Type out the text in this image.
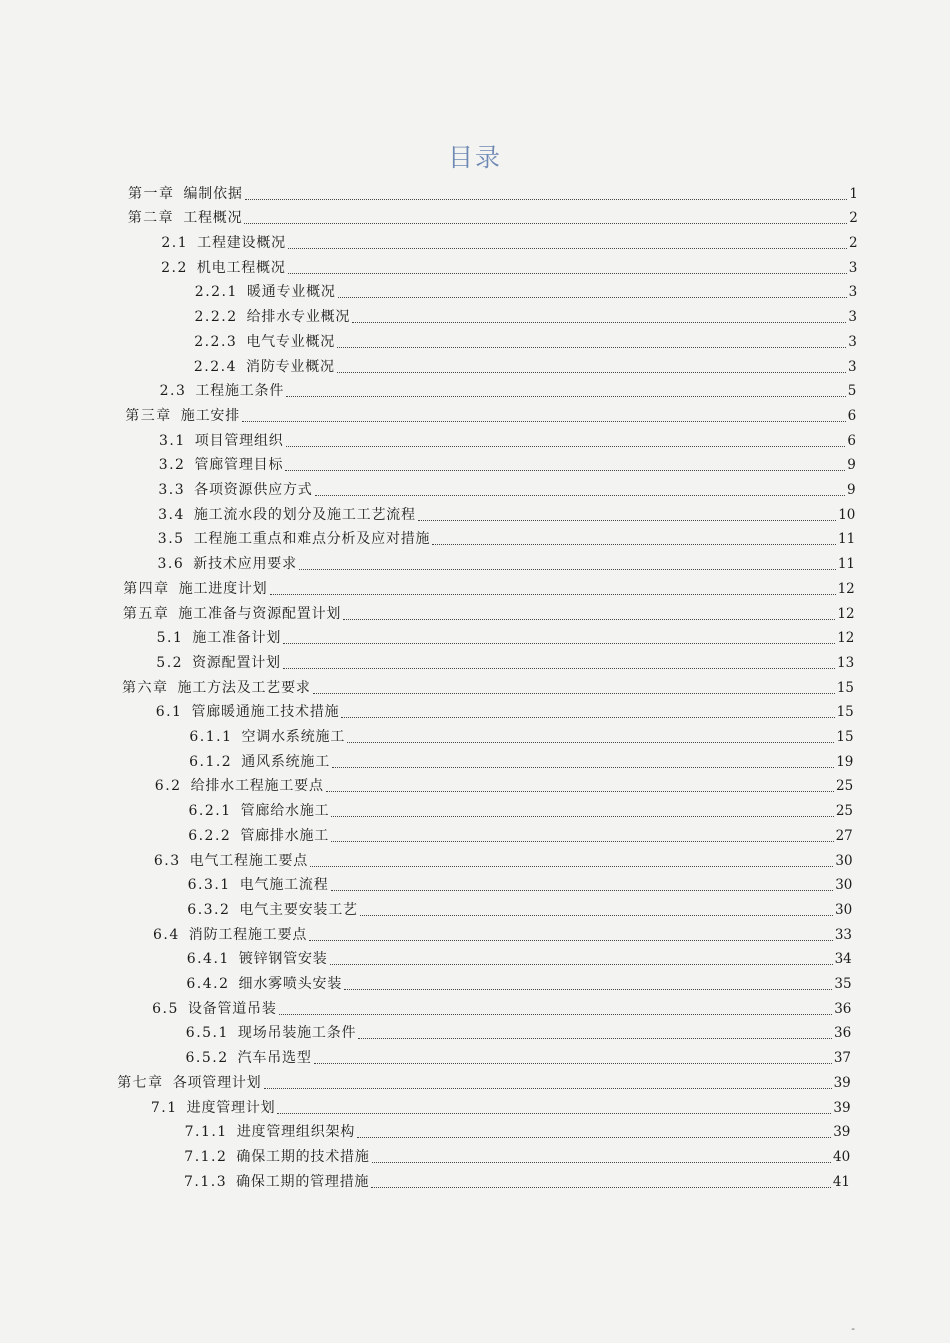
目录
第一章 编制依据	1
第二章 工程概况	2
2.1 工程建设概况	2
2.2 机电工程概况	3
2.2.1 暖通专业概况	3
2.2.2 给排水专业概况	3
2.2.3 电气专业概况	3
2.2.4 消防专业概况	3
2.3 工程施工条件	5
第三章 施工安排	6
3.1 项目管理组织	6
3.2 管廊管理目标	9
3.3 各项资源供应方式	9
3.4 施工流水段的划分及施工工艺流程	10
3.5 工程施工重点和难点分析及应对措施	11
3.6 新技术应用要求	11
第四章 施工进度计划	12
第五章 施工准备与资源配置计划	12
5.1 施工准备计划	12
5.2 资源配置计划	13
第六章 施工方法及工艺要求	15
6.1 管廊暖通施工技术措施	15
6.1.1 空调水系统施工	15
6.1.2 通风系统施工	19
6.2 给排水工程施工要点	25
6.2.1 管廊给水施工	25
6.2.2 管廊排水施工	27
6.3 电气工程施工要点	30
6.3.1 电气施工流程	30
6.3.2 电气主要安装工艺	30
6.4 消防工程施工要点	33
6.4.1 镀锌钢管安装	34
6.4.2 细水雾喷头安装	35
6.5 设备管道吊装	36
6.5.1 现场吊装施工条件	36
6.5.2 汽车吊选型	37
第七章 各项管理计划	39
7.1 进度管理计划	39
7.1.1 进度管理组织架构	39
7.1.2 确保工期的技术措施	40
7.1.3 确保工期的管理措施	41
-
